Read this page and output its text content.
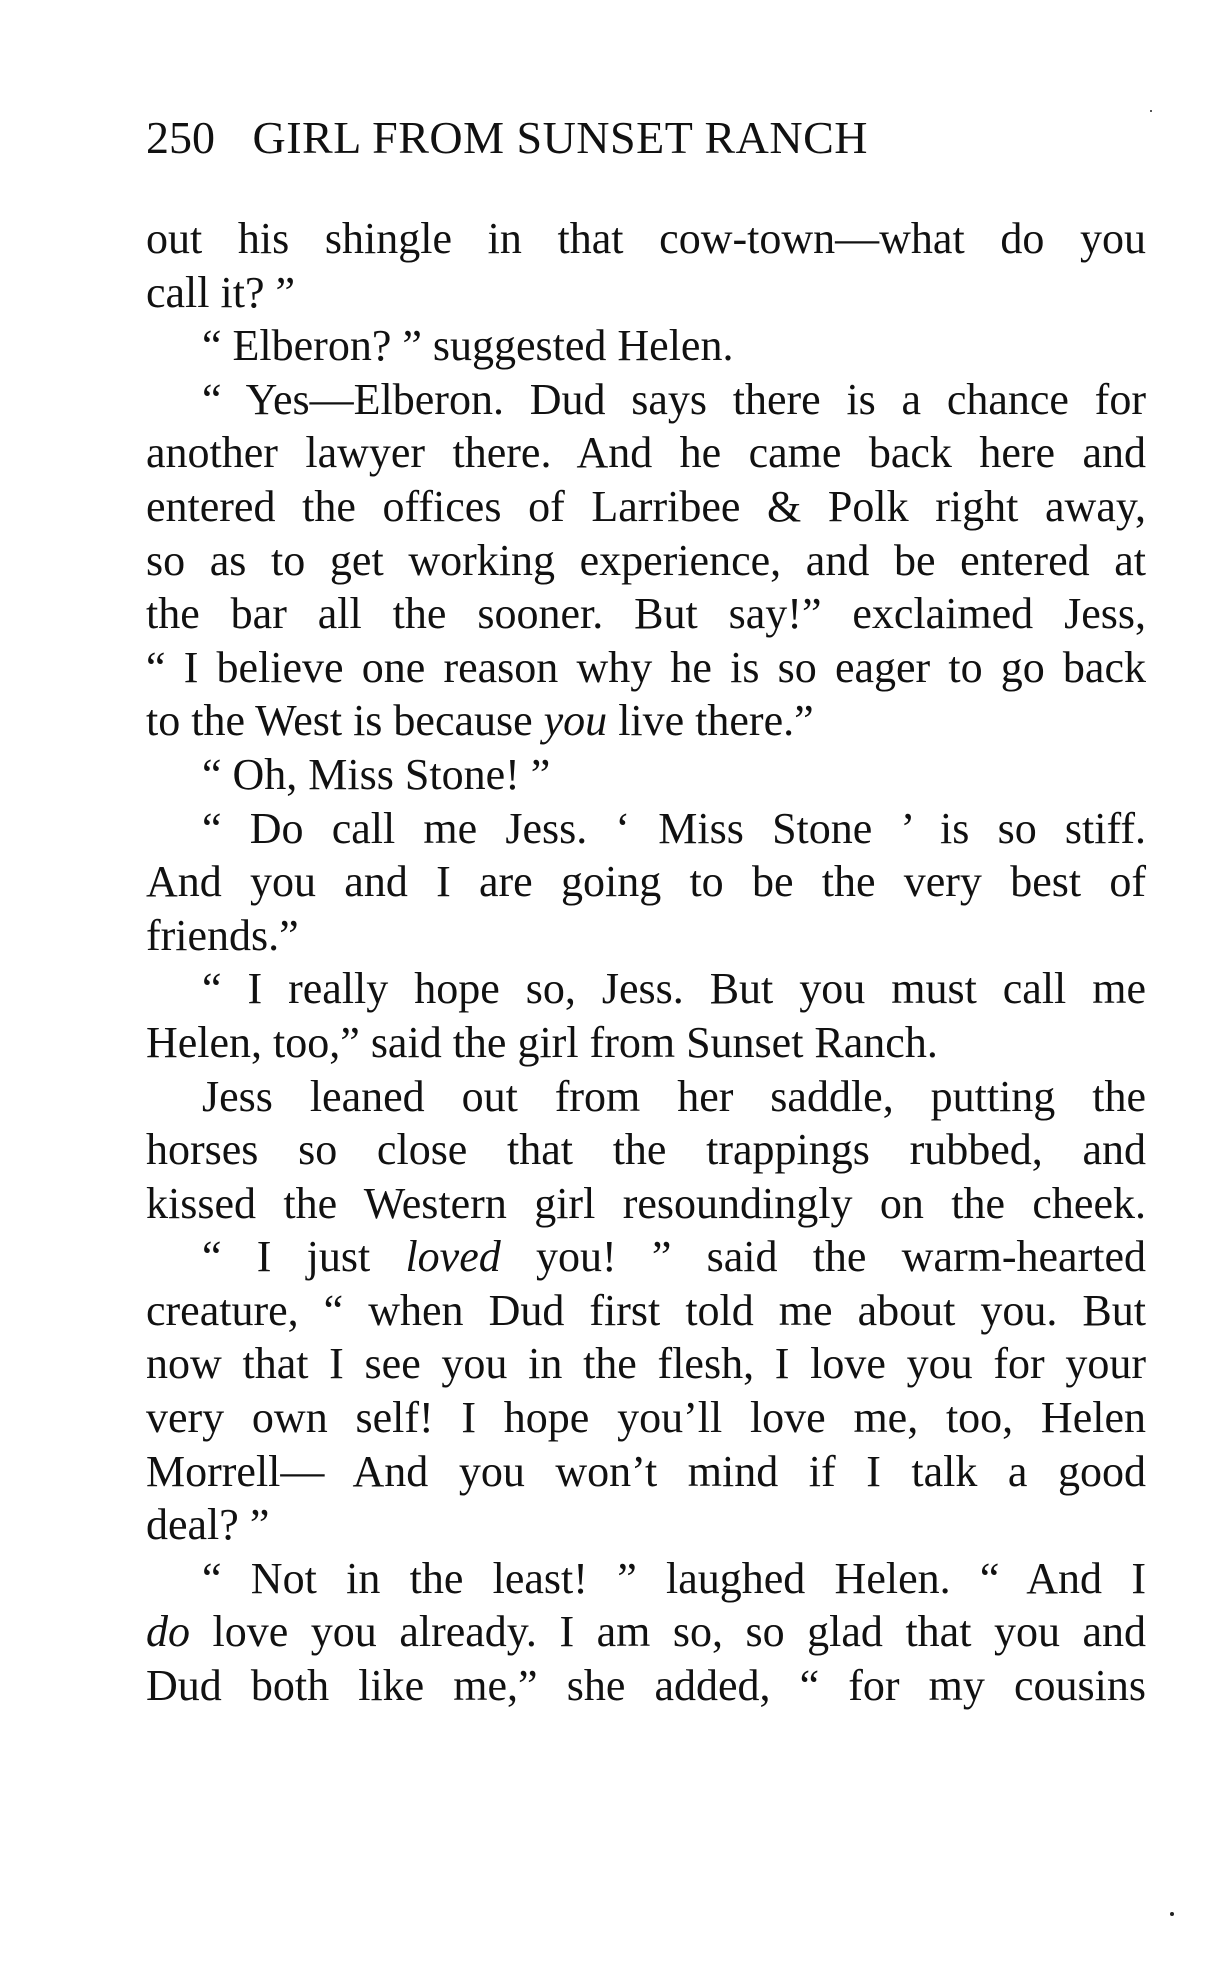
250 GIRL FROM SUNSET RANCH
out his shingle in that cow-town—what do you
call it? ”
“ Elberon? ” suggested Helen.
“ Yes—Elberon. Dud says there is a chance for
another lawyer there. And he came back here and
entered the offices of Larribee & Polk right away,
so as to get working experience, and be entered at
the bar all the sooner. But say!” exclaimed Jess,
“ I believe one reason why he is so eager to go back
to the West is because you live there.”
“ Oh, Miss Stone! ”
“ Do call me Jess. ‘ Miss Stone ’ is so stiff.
And you and I are going to be the very best of
friends.”
“ I really hope so, Jess. But you must call me
Helen, too,” said the girl from Sunset Ranch.
Jess leaned out from her saddle, putting the
horses so close that the trappings rubbed, and
kissed the Western girl resoundingly on the cheek.
“ I just loved you! ” said the warm-hearted
creature, “ when Dud first told me about you. But
now that I see you in the flesh, I love you for your
very own self! I hope you’ll love me, too, Helen
Morrell— And you won’t mind if I talk a good
deal? ”
“ Not in the least! ” laughed Helen. “ And I
do love you already. I am so, so glad that you and
Dud both like me,” she added, “ for my cousins
